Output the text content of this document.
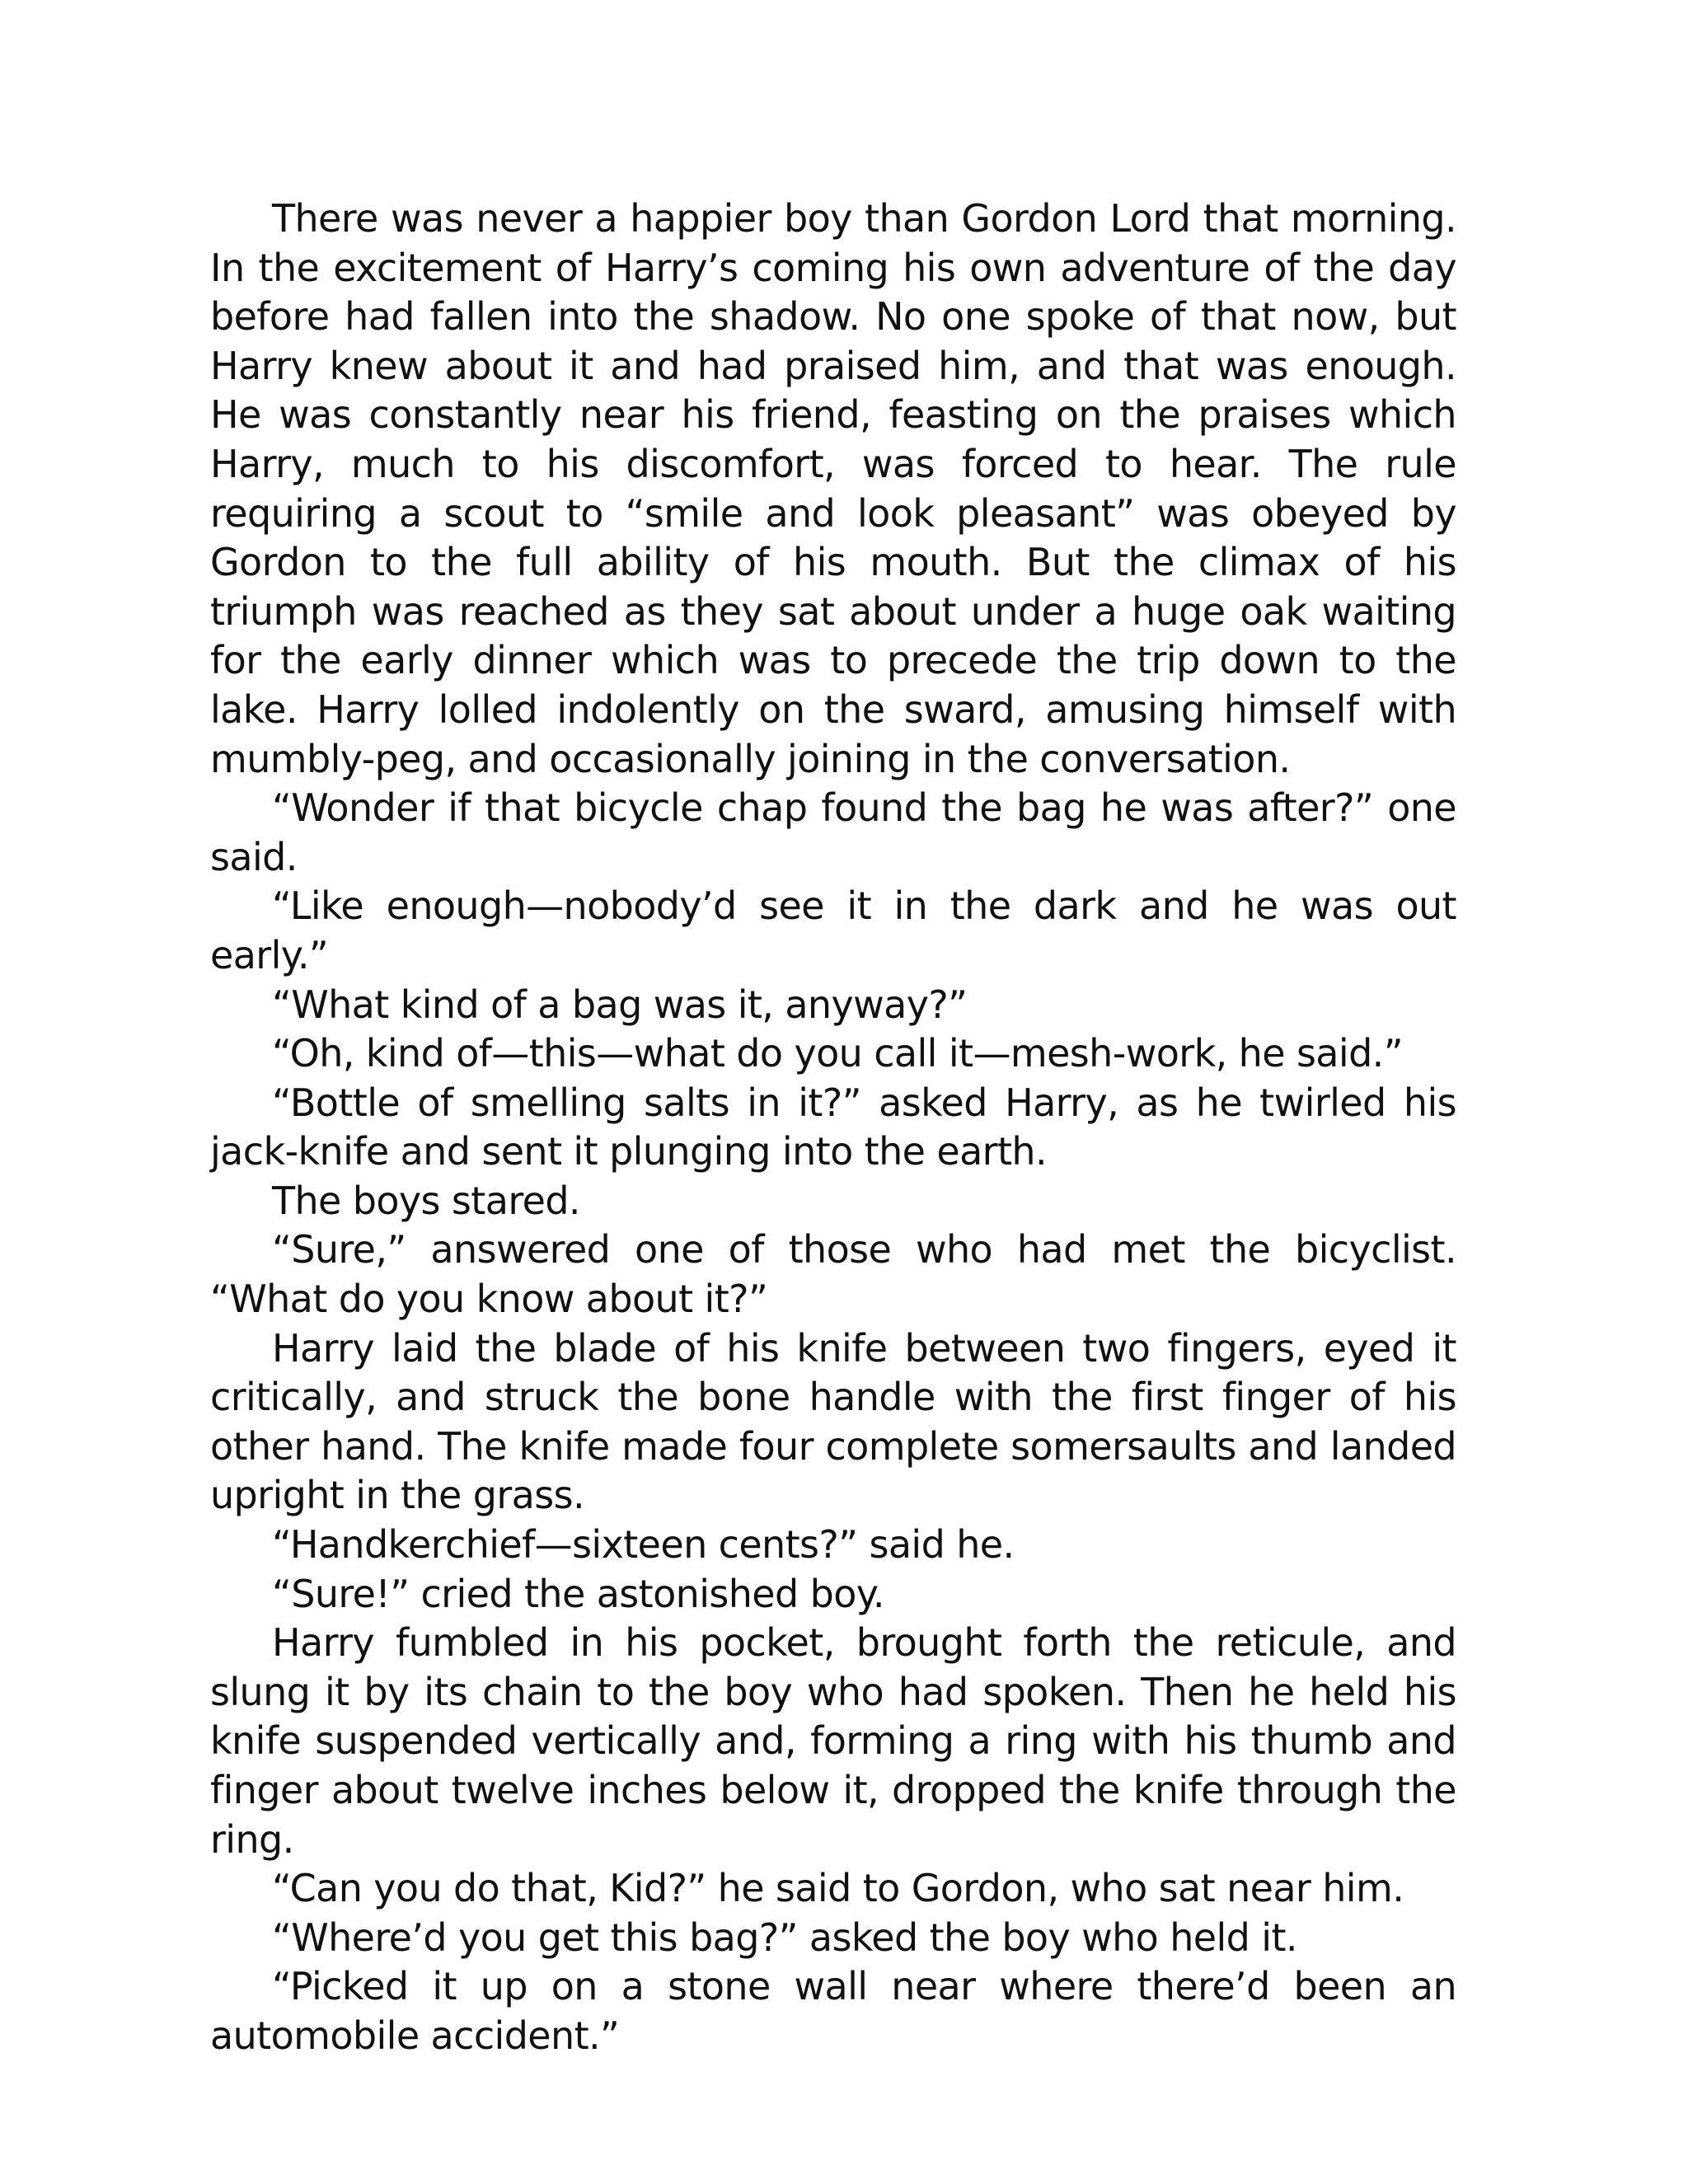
There was never a happier boy than Gordon Lord that morning. In the excitement of Harry’s coming his own adventure of the day before had fallen into the shadow. No one spoke of that now, but Harry knew about it and had praised him, and that was enough. He was constantly near his friend, feasting on the praises which Harry, much to his discomfort, was forced to hear. The rule requiring a scout to “smile and look pleasant” was obeyed by Gordon to the full ability of his mouth. But the climax of his triumph was reached as they sat about under a huge oak waiting for the early dinner which was to precede the trip down to the lake. Harry lolled indolently on the sward, amusing himself with mumbly-peg, and occasionally joining in the conversation.

“Wonder if that bicycle chap found the bag he was after?” one said.

“Like enough—nobody’d see it in the dark and he was out early.”

“What kind of a bag was it, anyway?”

“Oh, kind of—this—what do you call it—mesh-work, he said.”

“Bottle of smelling salts in it?” asked Harry, as he twirled his jack-knife and sent it plunging into the earth.

The boys stared.

“Sure,” answered one of those who had met the bicyclist. “What do you know about it?”

Harry laid the blade of his knife between two fingers, eyed it critically, and struck the bone handle with the first finger of his other hand. The knife made four complete somersaults and landed upright in the grass.

“Handkerchief—sixteen cents?” said he.

“Sure!” cried the astonished boy.

Harry fumbled in his pocket, brought forth the reticule, and slung it by its chain to the boy who had spoken. Then he held his knife suspended vertically and, forming a ring with his thumb and finger about twelve inches below it, dropped the knife through the ring.

“Can you do that, Kid?” he said to Gordon, who sat near him.

“Where’d you get this bag?” asked the boy who held it.

“Picked it up on a stone wall near where there’d been an automobile accident.”
